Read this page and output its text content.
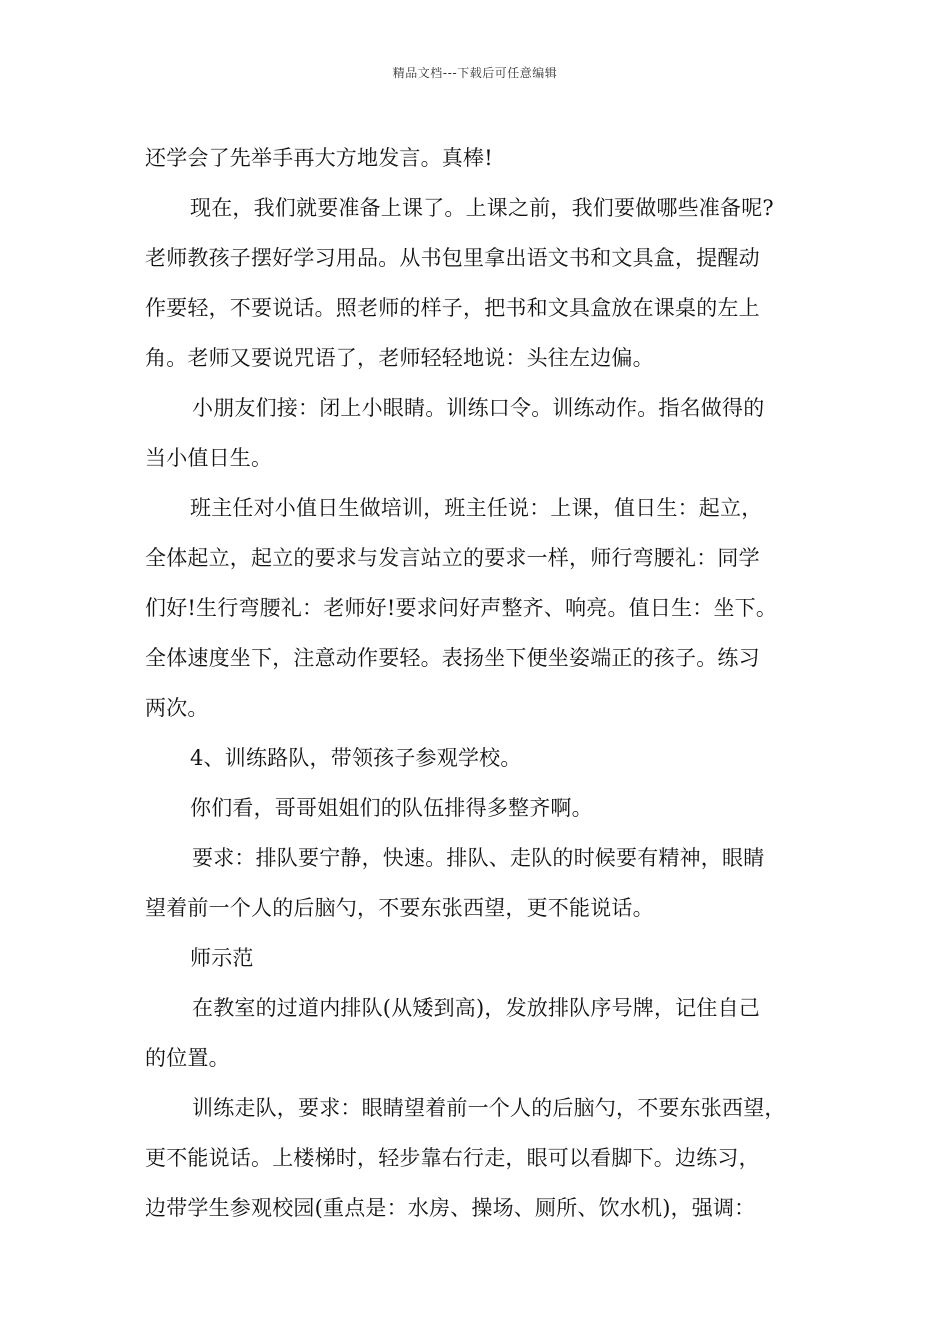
精品文档---下载后可任意编辑
还学会了先举手再大方地发言。真棒!
现在，我们就要准备上课了。上课之前，我们要做哪些准备呢?
老师教孩子摆好学习用品。从书包里拿出语文书和文具盒，提醒动
作要轻，不要说话。照老师的样子，把书和文具盒放在课桌的左上
角。老师又要说咒语了，老师轻轻地说：头往左边偏。
小朋友们接：闭上小眼睛。训练口令。训练动作。指名做得的
当小值日生。
班主任对小值日生做培训，班主任说：上课，值日生：起立，
全体起立，起立的要求与发言站立的要求一样，师行弯腰礼：同学
们好!生行弯腰礼：老师好!要求问好声整齐、响亮。值日生：坐下。
全体速度坐下，注意动作要轻。表扬坐下便坐姿端正的孩子。练习
两次。
4、训练路队，带领孩子参观学校。
你们看，哥哥姐姐们的队伍排得多整齐啊。
要求：排队要宁静，快速。排队、走队的时候要有精神，眼睛
望着前一个人的后脑勺，不要东张西望，更不能说话。
师示范
在教室的过道内排队(从矮到高)，发放排队序号牌，记住自己
的位置。
训练走队，要求：眼睛望着前一个人的后脑勺，不要东张西望，
更不能说话。上楼梯时，轻步靠右行走，眼可以看脚下。边练习，
边带学生参观校园(重点是：水房、操场、厕所、饮水机)，强调：
